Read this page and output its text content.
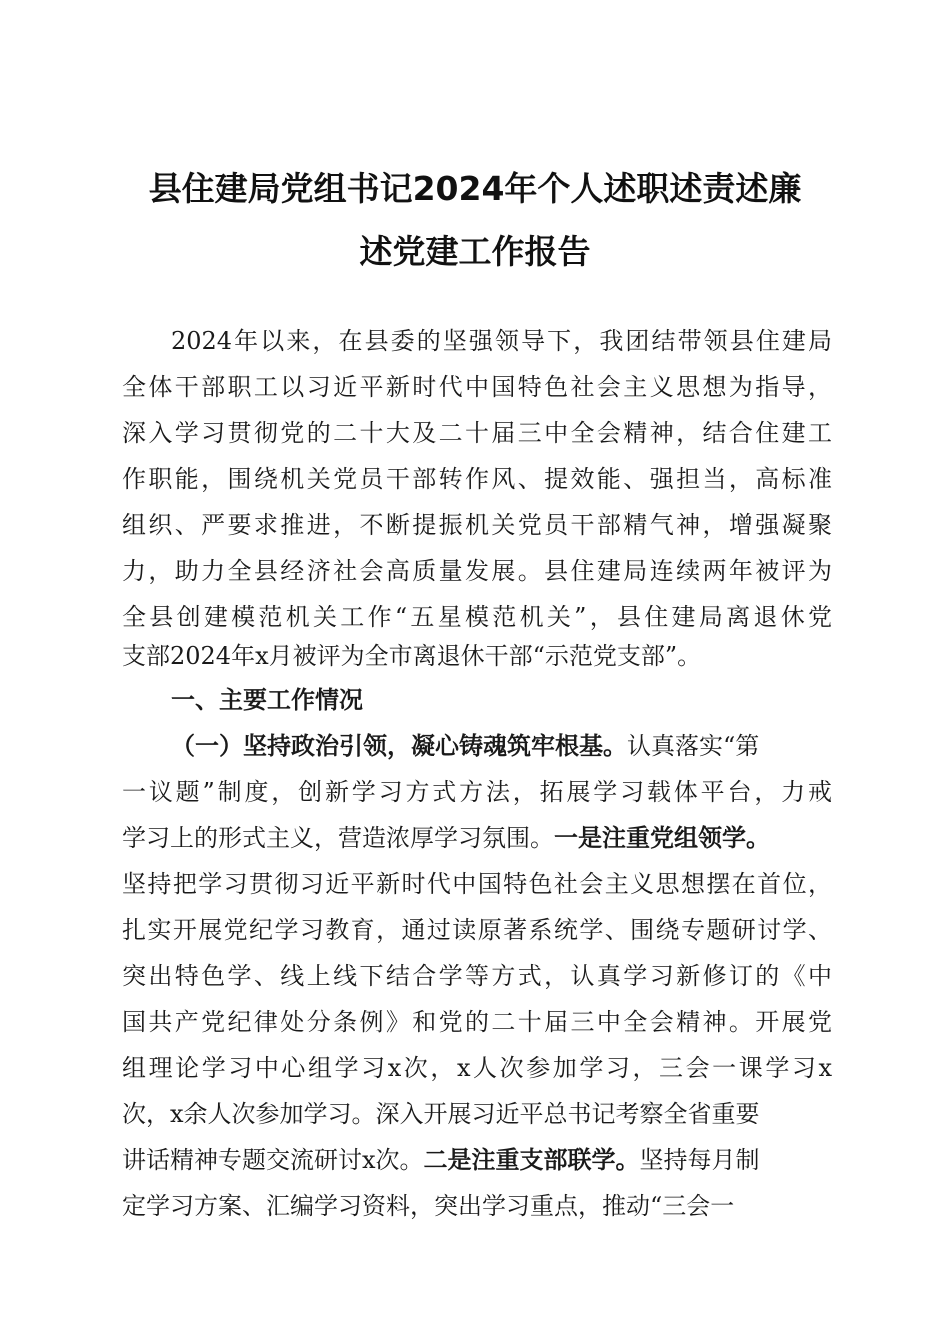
县住建局党组书记2024年个人述职述责述廉
述党建工作报告

2024年以来，在县委的坚强领导下，我团结带领县住建局

全体干部职工以习近平新时代中国特色社会主义思想为指导，

深入学习贯彻党的二十大及二十届三中全会精神，结合住建工

作职能，围绕机关党员干部转作风、提效能、强担当，高标准

组织、严要求推进，不断提振机关党员干部精气神，增强凝聚

力，助力全县经济社会高质量发展。县住建局连续两年被评为

全县创建模范机关工作“五星模范机关”，县住建局离退休党

支部2024年x月被评为全市离退休干部“示范党支部”。

一、主要工作情况

（一）坚持政治引领，凝心铸魂筑牢根基。认真落实“第

一议题”制度，创新学习方式方法，拓展学习载体平台，力戒

学习上的形式主义，营造浓厚学习氛围。一是注重党组领学。

坚持把学习贯彻习近平新时代中国特色社会主义思想摆在首位，

扎实开展党纪学习教育，通过读原著系统学、围绕专题研讨学、

突出特色学、线上线下结合学等方式，认真学习新修订的《中

国共产党纪律处分条例》和党的二十届三中全会精神。开展党

组理论学习中心组学习x次，x人次参加学习，三会一课学习x

次，x余人次参加学习。深入开展习近平总书记考察全省重要

讲话精神专题交流研讨x次。二是注重支部联学。坚持每月制

定学习方案、汇编学习资料，突出学习重点，推动“三会一
